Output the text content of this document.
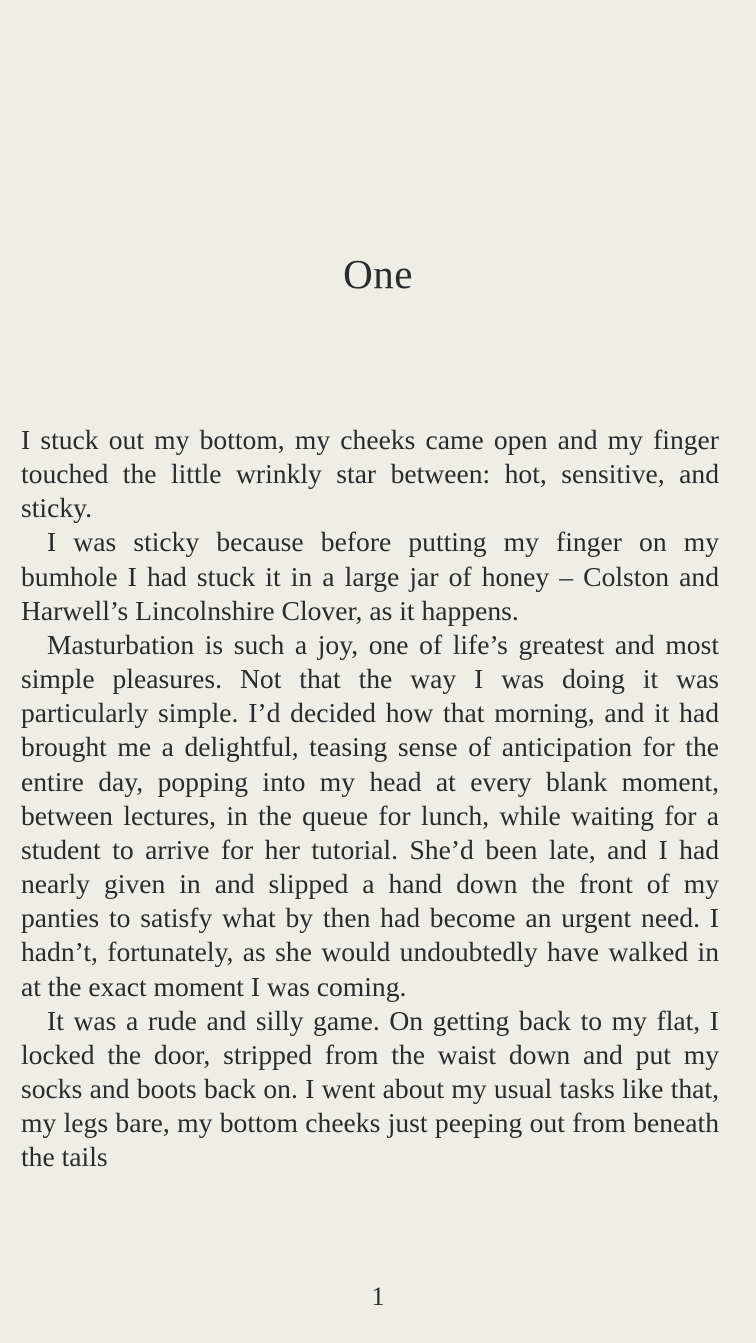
One

I stuck out my bottom, my cheeks came open and my finger touched the little wrinkly star between: hot, sensitive, and sticky.

I was sticky because before putting my finger on my bumhole I had stuck it in a large jar of honey – Colston and Harwell’s Lincolnshire Clover, as it happens.

Masturbation is such a joy, one of life’s greatest and most simple pleasures. Not that the way I was doing it was particularly simple. I’d decided how that morning, and it had brought me a delightful, teasing sense of anticipation for the entire day, popping into my head at every blank moment, between lectures, in the queue for lunch, while waiting for a student to arrive for her tutorial. She’d been late, and I had nearly given in and slipped a hand down the front of my panties to satisfy what by then had become an urgent need. I hadn’t, fortunately, as she would undoubtedly have walked in at the exact moment I was coming.

It was a rude and silly game. On getting back to my flat, I locked the door, stripped from the waist down and put my socks and boots back on. I went about my usual tasks like that, my legs bare, my bottom cheeks just peeping out from beneath the tails

1
